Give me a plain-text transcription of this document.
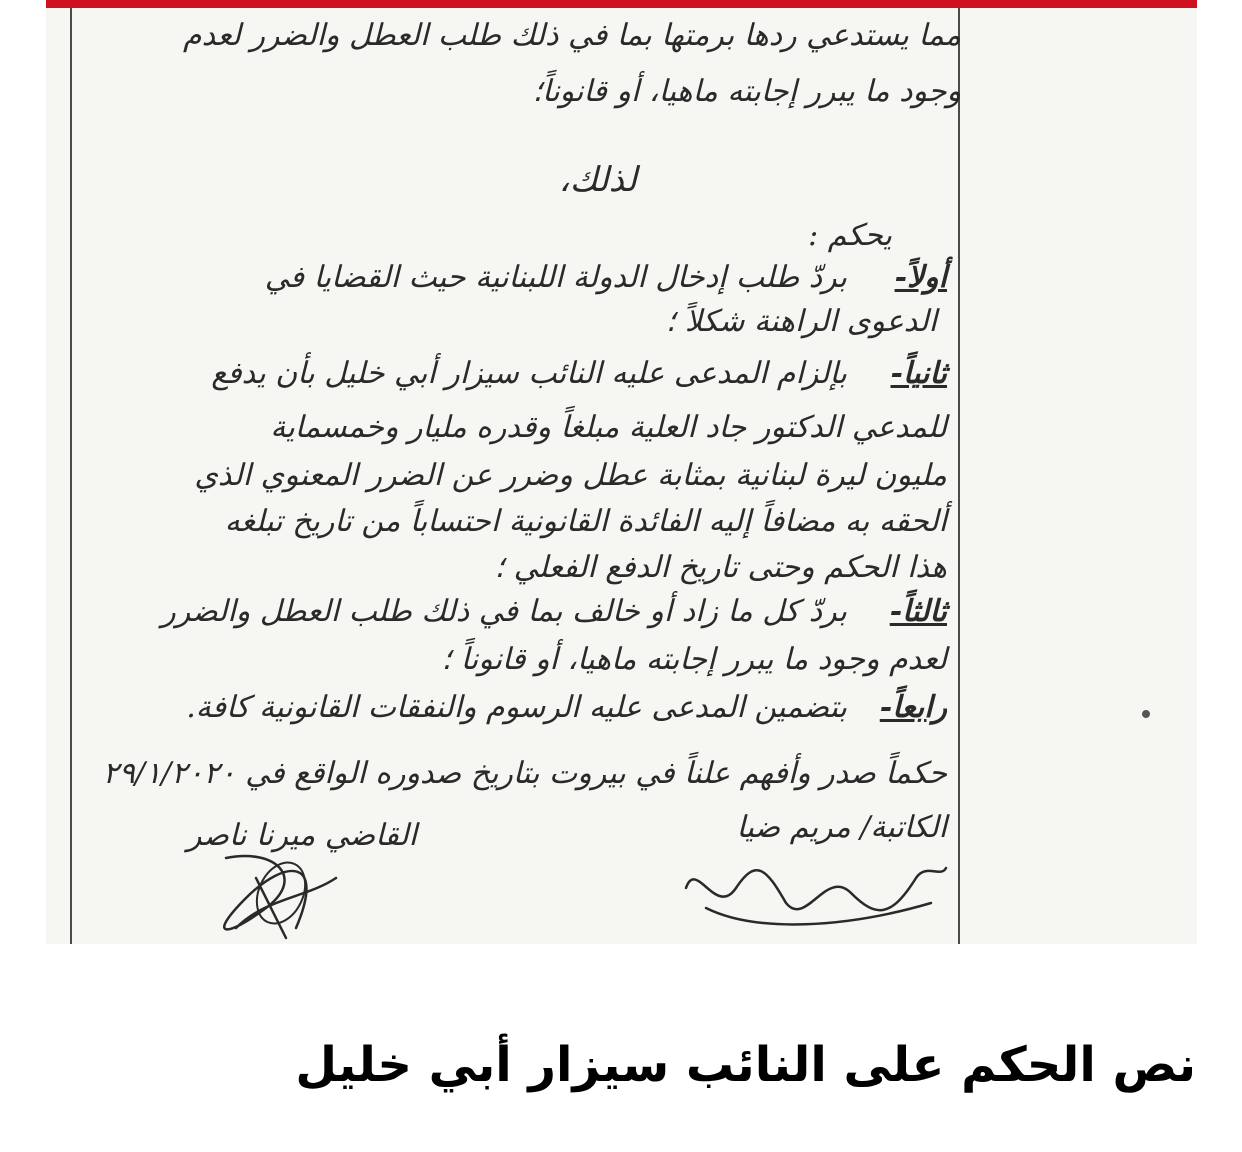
مما يستدعي ردها برمتها بما في ذلك طلب العطل والضرر لعدم
وجود ما يبرر إجابته ماهيا، أو قانوناً؛
لذلك،
يحكم :
أولاً-
بردّ طلب إدخال الدولة اللبنانية حيث القضايا في
الدعوى الراهنة شكلاً ؛
ثانياً-
بإلزام المدعى عليه النائب سيزار أبي خليل بأن يدفع
للمدعي الدكتور جاد العلية مبلغاً وقدره مليار وخمسماية
مليون ليرة لبنانية بمثابة عطل وضرر عن الضرر المعنوي الذي
ألحقه به مضافاً إليه الفائدة القانونية احتساباً من تاريخ تبلغه
هذا الحكم وحتى تاريخ الدفع الفعلي ؛
ثالثاً-
بردّ كل ما زاد أو خالف بما في ذلك طلب العطل والضرر
لعدم وجود ما يبرر إجابته ماهيا، أو قانوناً ؛
رابعاً-
بتضمين المدعى عليه الرسوم والنفقات القانونية كافة.
حكماً صدر وأفهم علناً في بيروت بتاريخ صدوره الواقع في ٢٩/١/٢٠٢٠
الكاتبة/ مريم ضيا
القاضي ميرنا ناصر
نص الحكم على النائب سيزار أبي خليل
